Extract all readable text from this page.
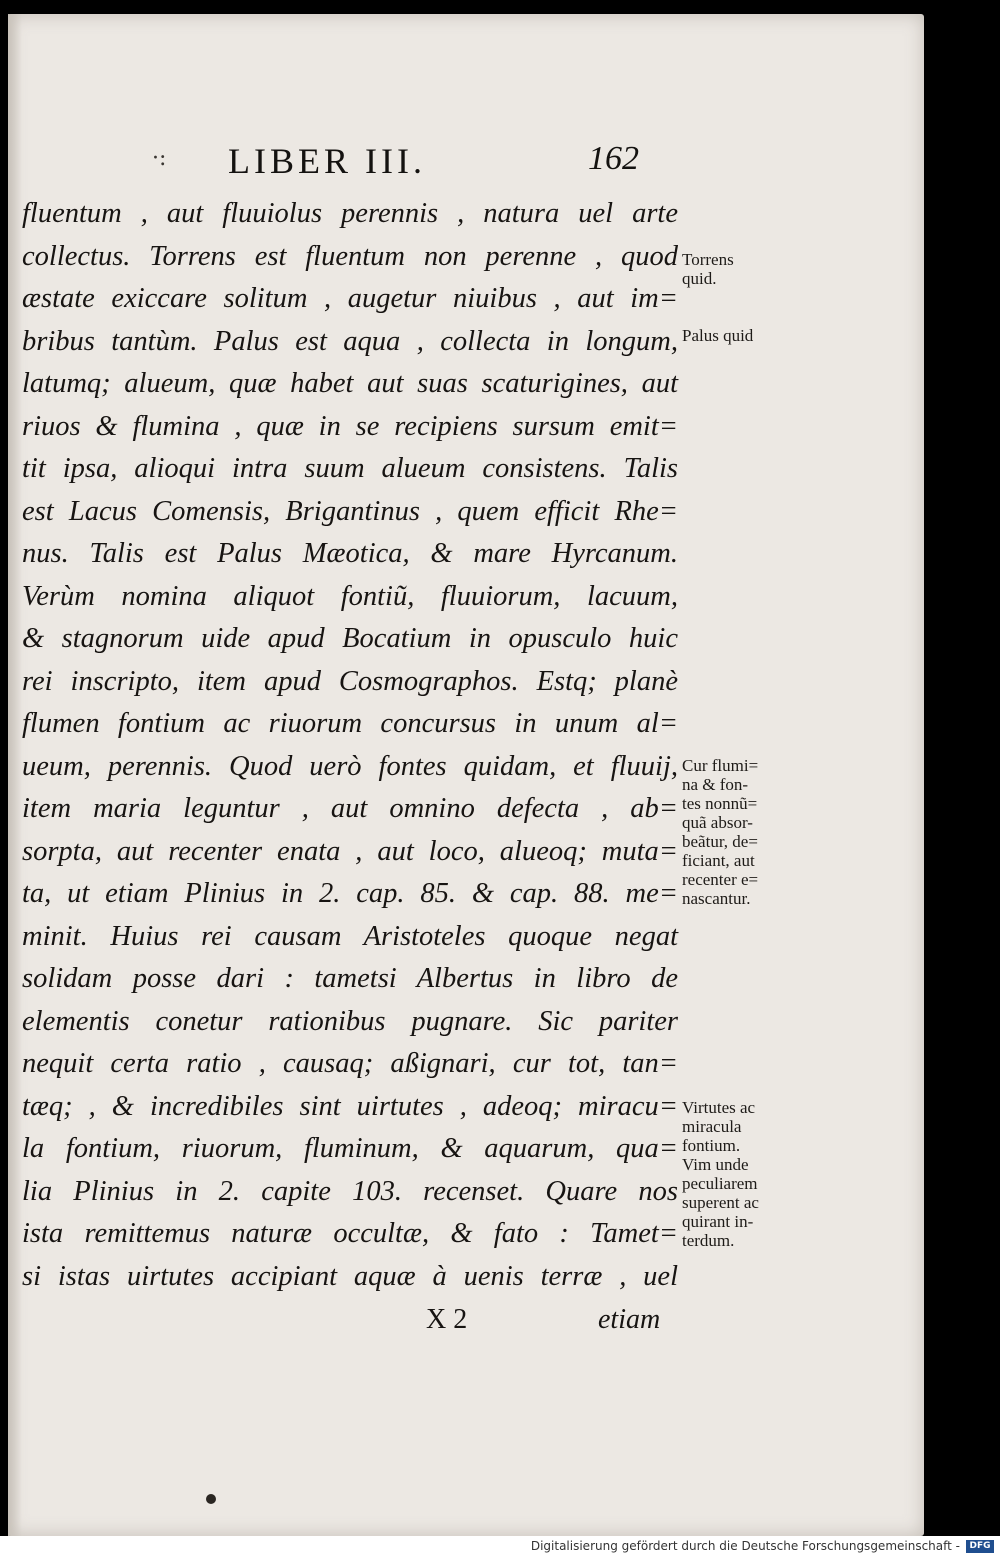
·: LIBER III.	162
fluentum , aut fluuiolus perennis , natura uel arte
collectus. Torrens est fluentum non perenne , quod
æstate exiccare solitum , augetur niuibus , aut im=
bribus tantùm. Palus est aqua , collecta in longum,
latumq; alueum, quæ habet aut suas scaturigines, aut
riuos & flumina , quæ in se recipiens sursum emit=
tit ipsa, alioqui intra suum alueum consistens. Talis
est Lacus Comensis, Brigantinus , quem efficit Rhe=
nus. Talis est Palus Mæotica, & mare Hyrcanum.
Verùm nomina aliquot fontiũ, fluuiorum, lacuum,
& stagnorum uide apud Bocatium in opusculo huic
rei inscripto, item apud Cosmographos. Estq; planè
flumen fontium ac riuorum concursus in unum al=
ueum, perennis. Quod uerò fontes quidam, et fluuij,
item maria leguntur , aut omnino defecta , ab=
sorpta, aut recenter enata , aut loco, alueoq; muta=
ta, ut etiam Plinius in 2. cap. 85. & cap. 88. me=
minit. Huius rei causam Aristoteles quoque negat
solidam posse dari : tametsi Albertus in libro de
elementis conetur rationibus pugnare. Sic pariter
nequit certa ratio , causaq; aßignari, cur tot, tan=
tæq; , & incredibiles sint uirtutes , adeoq; miracu=
la fontium, riuorum, fluminum, & aquarum, qua=
lia Plinius in 2. capite 103. recenset. Quare nos
ista remittemus naturæ occultæ, & fato : Tamet=
si istas uirtutes accipiant aquæ à uenis terræ , uel
Torrens
quid.
Palus quid
Cur flumi=
na & fon-
tes nonnũ=
quã absor-
beãtur, de=
ficiant, aut
recenter e=
nascantur.
Virtutes ac
miracula
fontium.
Vim unde
peculiarem
superent ac
quirant in-
terdum.
X 2	etiam
Digitalisierung gefördert durch die Deutsche Forschungsgemeinschaft -	DFG
